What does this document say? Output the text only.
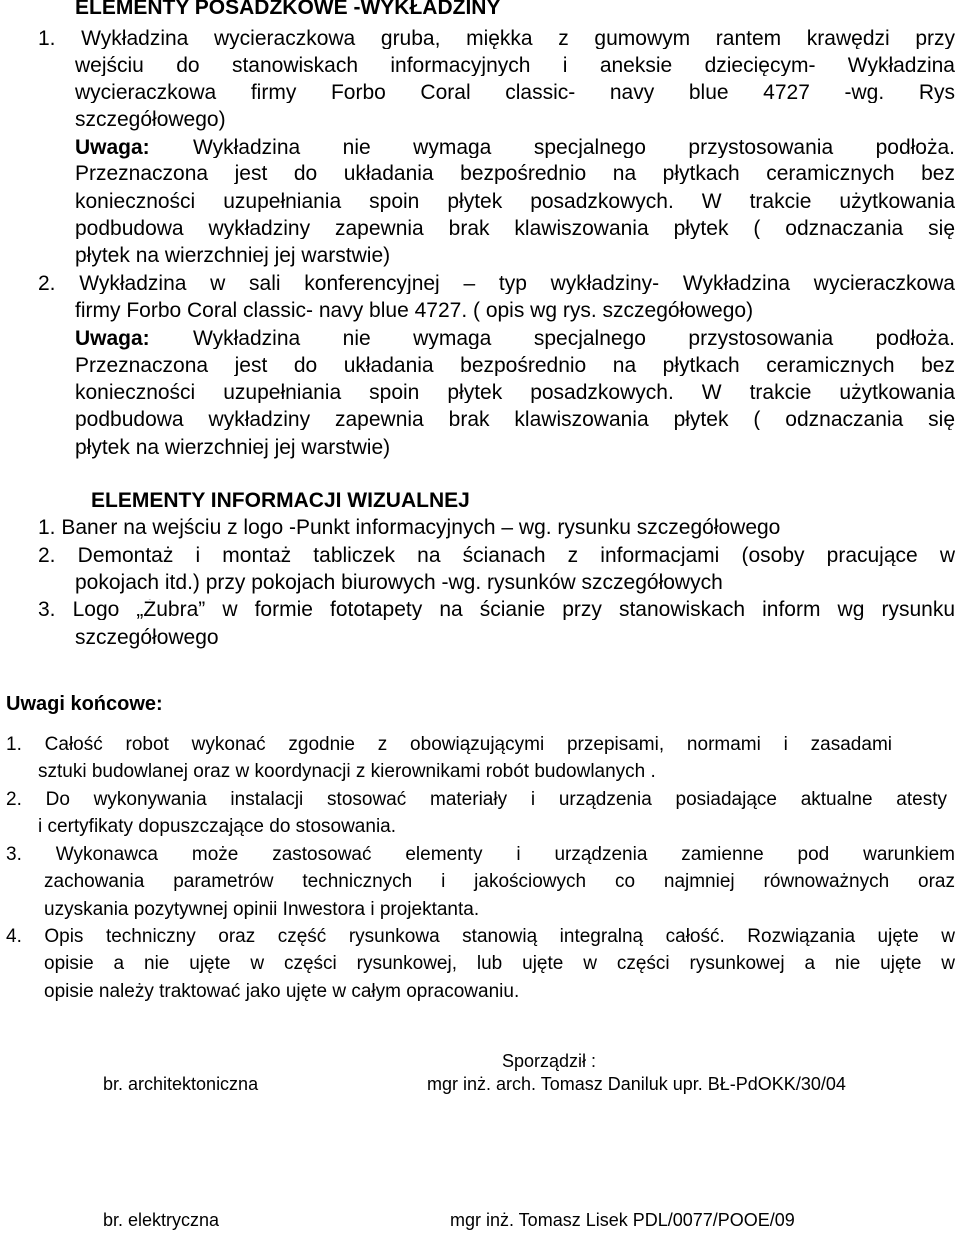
ELEMENTY POSADZKOWE -WYKŁADZINY
1. Wykładzina wycieraczkowa gruba, miękka z gumowym rantem krawędzi przy
wejściu do stanowiskach informacyjnych i aneksie dziecięcym- Wykładzina
wycieraczkowa firmy Forbo Coral classic- navy blue 4727 -wg. Rys
szczegółowego)
Uwaga:	Wykładzina nie wymaga specjalnego przystosowania podłoża.
Przeznaczona jest do układania bezpośrednio na płytkach ceramicznych bez
konieczności uzupełniania spoin płytek posadzkowych. W trakcie użytkowania
podbudowa wykładziny zapewnia brak klawiszowania płytek ( odznaczania się
płytek na wierzchniej jej warstwie)
2. Wykładzina w sali konferencyjnej – typ wykładziny- Wykładzina wycieraczkowa
firmy Forbo Coral classic- navy blue 4727. ( opis wg rys. szczegółowego)
Uwaga:	Wykładzina nie wymaga specjalnego przystosowania podłoża.
Przeznaczona jest do układania bezpośrednio na płytkach ceramicznych bez
konieczności uzupełniania spoin płytek posadzkowych. W trakcie użytkowania
podbudowa wykładziny zapewnia brak klawiszowania płytek ( odznaczania się
płytek na wierzchniej jej warstwie)
ELEMENTY INFORMACJI WIZUALNEJ
1. Baner na wejściu z logo -Punkt informacyjnych – wg. rysunku szczegółowego
2. Demontaż i montaż tabliczek na ścianach z informacjami (osoby pracujące w
pokojach itd.) przy pokojach biurowych -wg. rysunków szczegółowych
3. Logo „Żubra” w formie fototapety na ścianie przy stanowiskach inform wg rysunku
szczegółowego
Uwagi końcowe:
1. Całość robot wykonać zgodnie z obowiązującymi przepisami, normami i zasadami
sztuki budowlanej oraz w koordynacji z kierownikami robót budowlanych .
2. Do wykonywania instalacji stosować materiały i urządzenia posiadające aktualne atesty
i certyfikaty dopuszczające do stosowania.
3. Wykonawca może zastosować elementy i urządzenia zamienne pod warunkiem
zachowania parametrów technicznych i jakościowych co najmniej równoważnych oraz
uzyskania pozytywnej opinii Inwestora i projektanta.
4. Opis techniczny oraz część rysunkowa stanowią integralną całość. Rozwiązania ujęte w
opisie a nie ujęte w części rysunkowej, lub ujęte w części rysunkowej a nie ujęte w
opisie należy traktować jako ujęte w całym opracowaniu.
Sporządził :
br. architektoniczna	mgr inż. arch. Tomasz Daniluk upr. BŁ-PdOKK/30/04
br. elektryczna	mgr inż. Tomasz Lisek PDL/0077/POOE/09
